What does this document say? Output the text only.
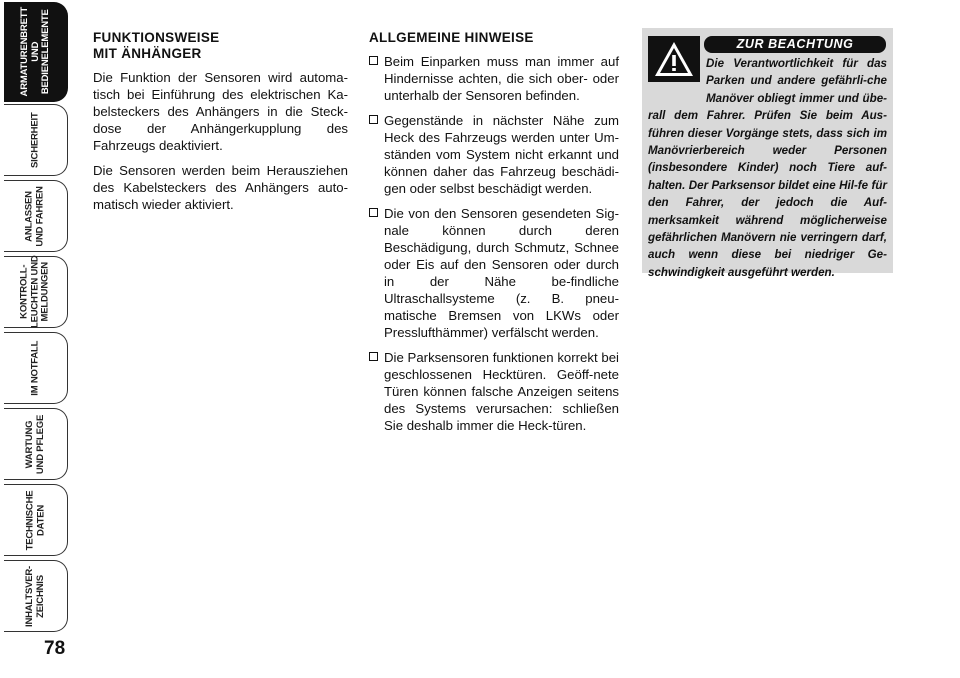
ARMATURENBRETT
UND
BEDIENELEMENTE
SICHERHEIT
ANLASSEN
UND FAHREN
KONTROLL-
LEUCHTEN UND
MELDUNGEN
IM NOTFALL
WARTUNG
UND PFLEGE
TECHNISCHE
DATEN
INHALTSVER-
ZEICHNIS
78
FUNKTIONSWEISE
MIT ÄNHÄNGER

Die Funktion der Sensoren wird automa-tisch bei Einführung des elektrischen Ka-belsteckers des Anhängers in die Steck-dose der Anhängerkupplung des Fahrzeugs deaktiviert.

Die Sensoren werden beim Herausziehen des Kabelsteckers des Anhängers auto-matisch wieder aktiviert.

ALLGEMEINE HINWEISE
Beim Einparken muss man immer auf Hindernisse achten, die sich ober- oder unterhalb der Sensoren befinden.
Gegenstände in nächster Nähe zum Heck des Fahrzeugs werden unter Um-ständen vom System nicht erkannt und können daher das Fahrzeug beschädi-gen oder selbst beschädigt werden.
Die von den Sensoren gesendeten Sig-nale können durch deren Beschädigung, durch Schmutz, Schnee oder Eis auf den Sensoren oder durch in der Nähe be-findliche Ultraschallsysteme (z. B. pneu-matische Bremsen von LKWs oder Presslufthämmer) verfälscht werden.
Die Parksensoren funktionen korrekt bei geschlossenen Hecktüren. Geöff-nete Türen können falsche Anzeigen seitens des Systems verursachen: schließen Sie deshalb immer die Heck-türen.
ZUR BEACHTUNG

Die Verantwortlichkeit für das Parken und andere gefährli-che Manöver obliegt immer und übe-rall dem Fahrer. Prüfen Sie beim Aus-führen dieser Vorgänge stets, dass sich im Manövrierbereich weder Personen (insbesondere Kinder) noch Tiere auf-halten. Der Parksensor bildet eine Hil-fe für den Fahrer, der jedoch die Auf-merksamkeit während möglicherweise gefährlichen Manövern nie verringern darf, auch wenn diese bei niedriger Ge-schwindigkeit ausgeführt werden.
